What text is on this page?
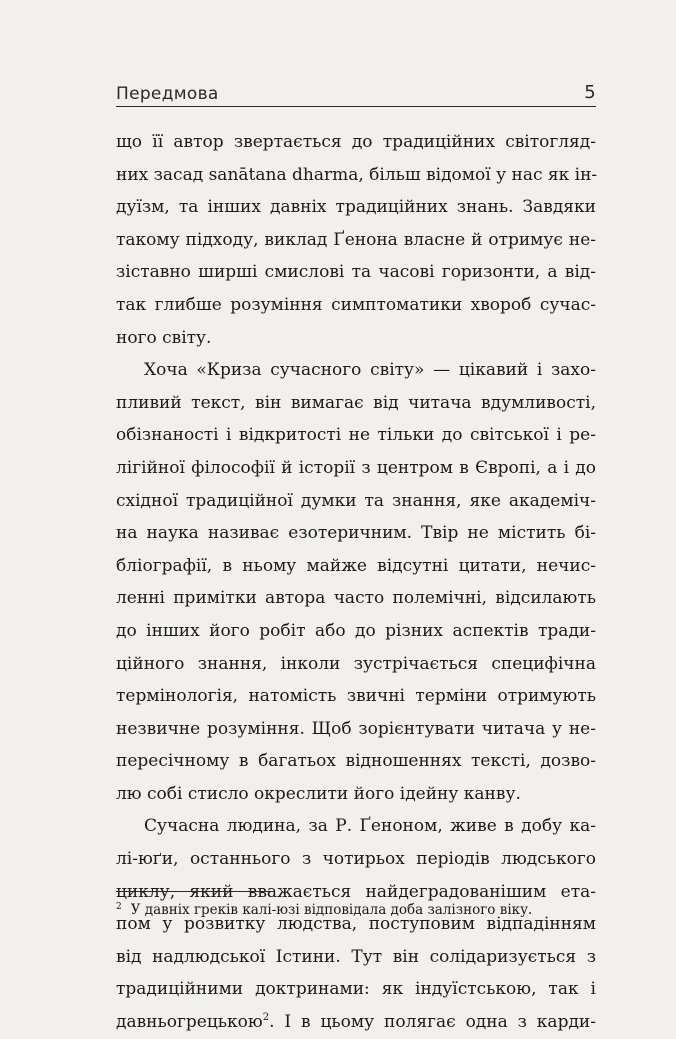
Передмова	5
що її автор звертається до традиційних світогляд-
них засад sanātana dharma, більш відомої у нас як ін-
дуїзм, та інших давніх традиційних знань. Завдяки
такому підходу, виклад Ґенона власне й отримує не-
зіставно ширші смислові та часові горизонти, а від-
так глибше розуміння симптоматики хвороб сучас-
ного світу.
Хоча «Криза сучасного світу» — цікавий і захо-
пливий текст, він вимагає від читача вдумливості,
обізнаності і відкритості не тільки до світської і ре-
лігійної філософії й історії з центром в Європі, а і до
східної традиційної думки та знання, яке академіч-
на наука називає езотеричним. Твір не містить бі-
бліографії, в ньому майже відсутні цитати, нечис-
ленні примітки автора часто полемічні, відсилають
до інших його робіт або до різних аспектів тради-
ційного знання, інколи зустрічається специфічна
термінологія, натомість звичні терміни отримують
незвичне розуміння. Щоб зорієнтувати читача у не-
пересічному в багатьох відношеннях тексті, дозво-
лю собі стисло окреслити його ідейну канву.
Сучасна людина, за Р. Ґеноном, живе в добу ка-
лі-юґи, останнього з чотирьох періодів людського
циклу, який вважається найдеградованішим ета-
пом у розвитку людства, поступовим відпадінням
від надлюдської Істини. Тут він солідаризується з
традиційними доктринами: як індуїстською, так і
давньогрецькою$^2$. І в цьому полягає одна з карди-
$^2$ У давніх греків калі-юзі відповідала доба залізного віку.
